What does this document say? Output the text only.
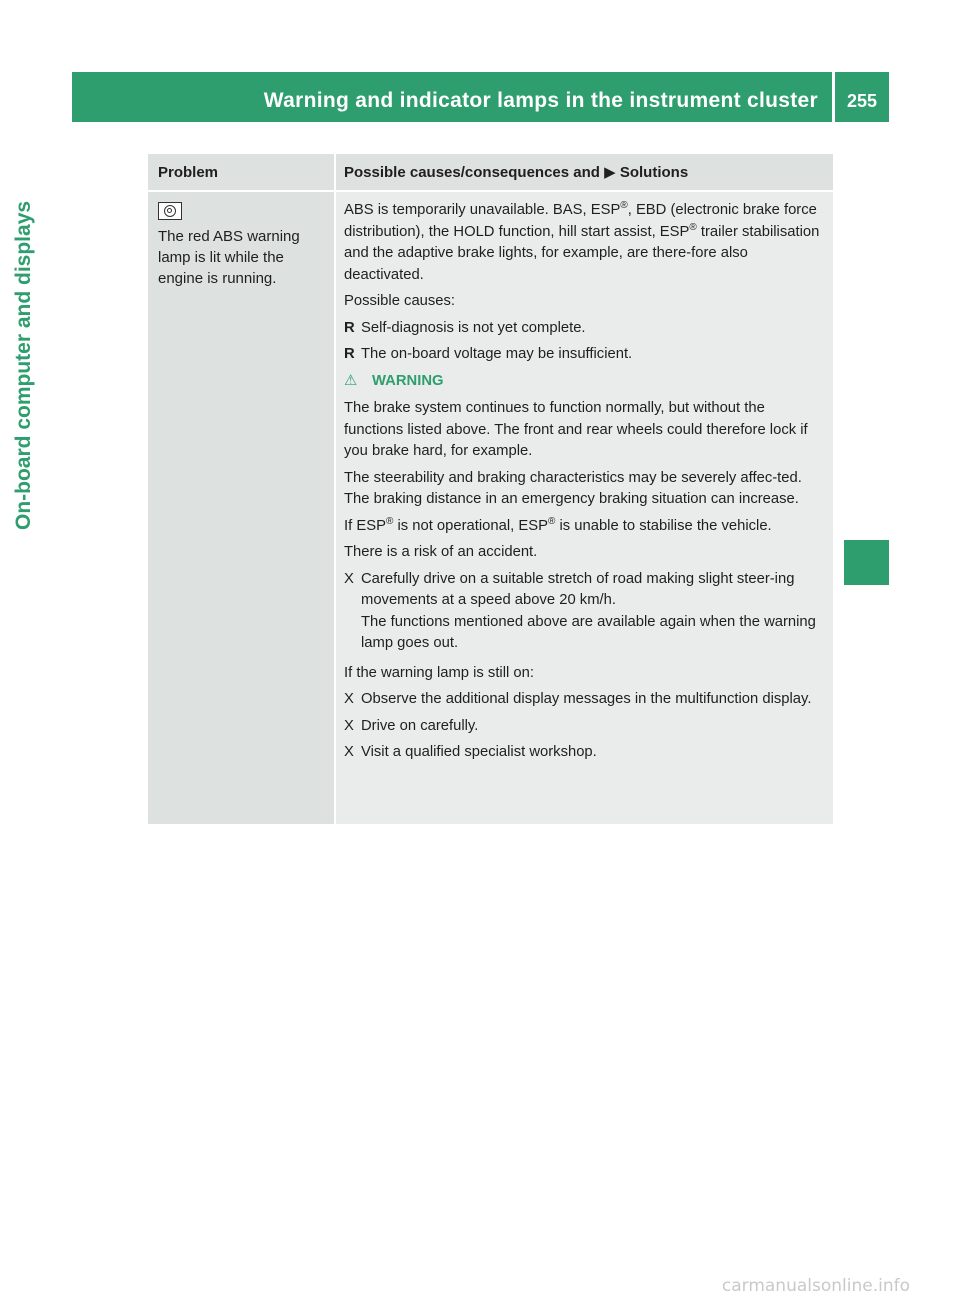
Warning and indicator lamps in the instrument cluster	255
On-board computer and displays
Problem	Possible causes/consequences and ▶ Solutions
The red ABS warning lamp is lit while the engine is running.

ABS is temporarily unavailable. BAS, ESP®, EBD (electronic brake force distribution), the HOLD function, hill start assist, ESP® trailer stabilisation and the adaptive brake lights, for example, are there-fore also deactivated.

Possible causes:

R Self-diagnosis is not yet complete.
R The on-board voltage may be insufficient.
⚠ WARNING

The brake system continues to function normally, but without the functions listed above. The front and rear wheels could therefore lock if you brake hard, for example.

The steerability and braking characteristics may be severely affec-ted. The braking distance in an emergency braking situation can increase.

If ESP® is not operational, ESP® is unable to stabilise the vehicle.

There is a risk of an accident.

X Carefully drive on a suitable stretch of road making slight steer-ing movements at a speed above 20 km/h.
The functions mentioned above are available again when the warning lamp goes out.

If the warning lamp is still on:

X Observe the additional display messages in the multifunction display.
X Drive on carefully.
X Visit a qualified specialist workshop.
carmanualsonline.info
